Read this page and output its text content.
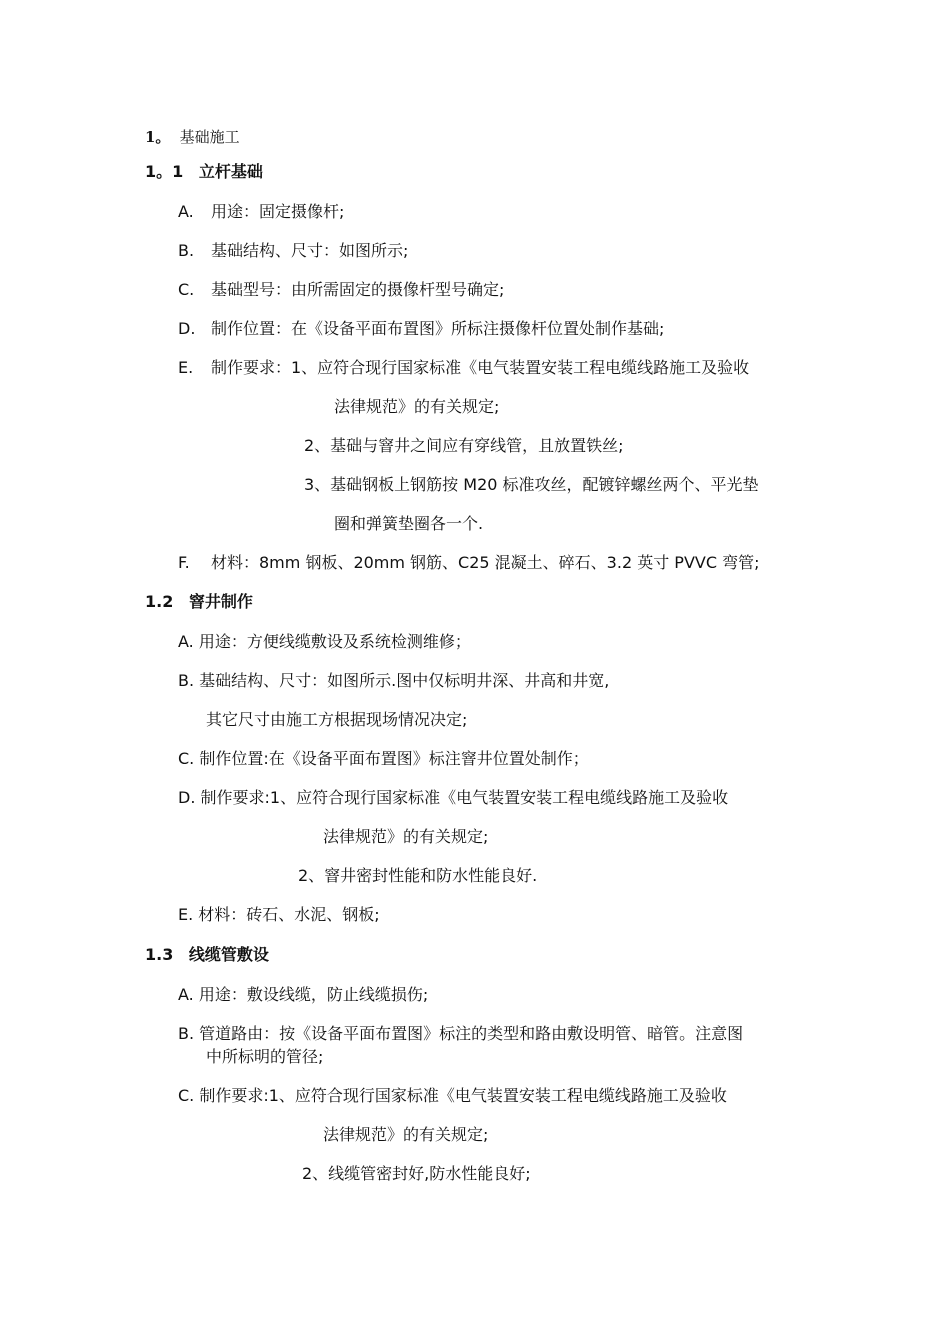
1。 基础施工
1。1 立杆基础
A. 用途：固定摄像杆;
B. 基础结构、尺寸：如图所示;
C. 基础型号：由所需固定的摄像杆型号确定;
D. 制作位置：在《设备平面布置图》所标注摄像杆位置处制作基础;
E. 制作要求：1、应符合现行国家标准《电气装置安装工程电缆线路施工及验收
法律规范》的有关规定;
2、基础与窨井之间应有穿线管，且放置铁丝;
3、基础钢板上钢筋按 M20 标准攻丝，配镀锌螺丝两个、平光垫
圈和弹簧垫圈各一个.
F. 材料：8mm 钢板、20mm 钢筋、C25 混凝土、碎石、3.2 英寸 PVVC 弯管;
1.2 窨井制作
A. 用途：方便线缆敷设及系统检测维修；
B. 基础结构、尺寸：如图所示.图中仅标明井深、井高和井宽,
其它尺寸由施工方根据现场情况决定;
C. 制作位置:在《设备平面布置图》标注窨井位置处制作；
D. 制作要求:1、应符合现行国家标准《电气装置安装工程电缆线路施工及验收
法律规范》的有关规定;
2、窨井密封性能和防水性能良好.
E. 材料：砖石、水泥、钢板;
1.3 线缆管敷设
A. 用途：敷设线缆，防止线缆损伤;
B. 管道路由：按《设备平面布置图》标注的类型和路由敷设明管、暗管。注意图
中所标明的管径;
C. 制作要求:1、应符合现行国家标准《电气装置安装工程电缆线路施工及验收
法律规范》的有关规定;
2、线缆管密封好,防水性能良好;
